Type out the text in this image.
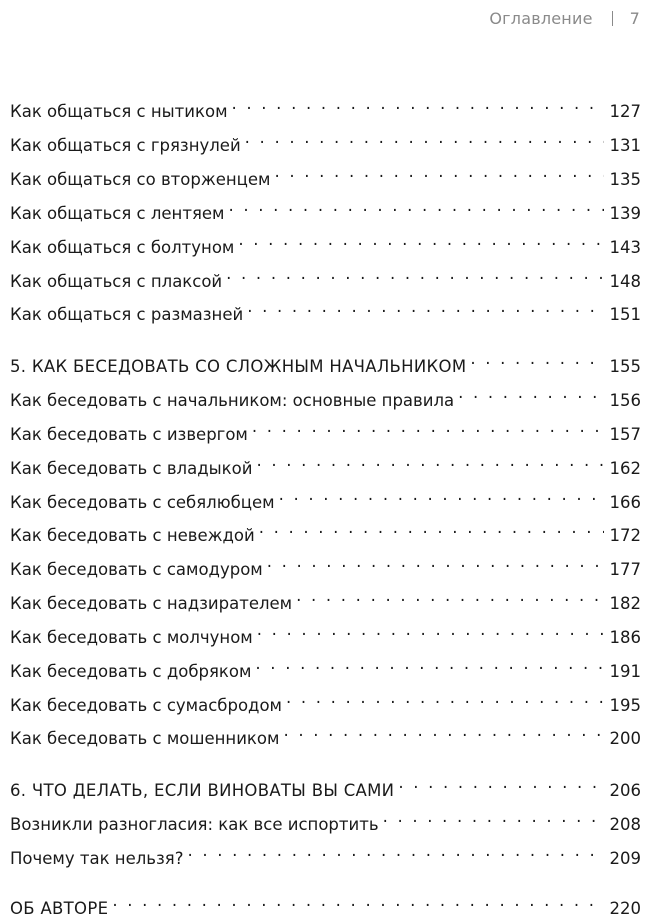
Оглавление 7
Как общаться с нытиком . . .	127
Как общаться с грязнулей . . .	131
Как общаться со вторженцем . . .	135
Как общаться с лентяем . . .	139
Как общаться с болтуном . . .	143
Как общаться с плаксой . . .	148
Как общаться с размазней . . .	151
5. КАК БЕСЕДОВАТЬ СО СЛОЖНЫМ НАЧАЛЬНИКОМ . . .	155
Как беседовать с начальником: основные правила . . .	156
Как беседовать с извергом . . .	157
Как беседовать с владыкой . . .	162
Как беседовать с себялюбцем . . .	166
Как беседовать с невеждой . . .	172
Как беседовать с самодуром . . .	177
Как беседовать с надзирателем . . .	182
Как беседовать с молчуном . . .	186
Как беседовать с добряком . . .	191
Как беседовать с сумасбродом . . .	195
Как беседовать с мошенником . . .	200
6. ЧТО ДЕЛАТЬ, ЕСЛИ ВИНОВАТЫ ВЫ САМИ . . .	206
Возникли разногласия: как все испортить . . .	208
Почему так нельзя? . . .	209
ОБ АВТОРЕ . . .	220
